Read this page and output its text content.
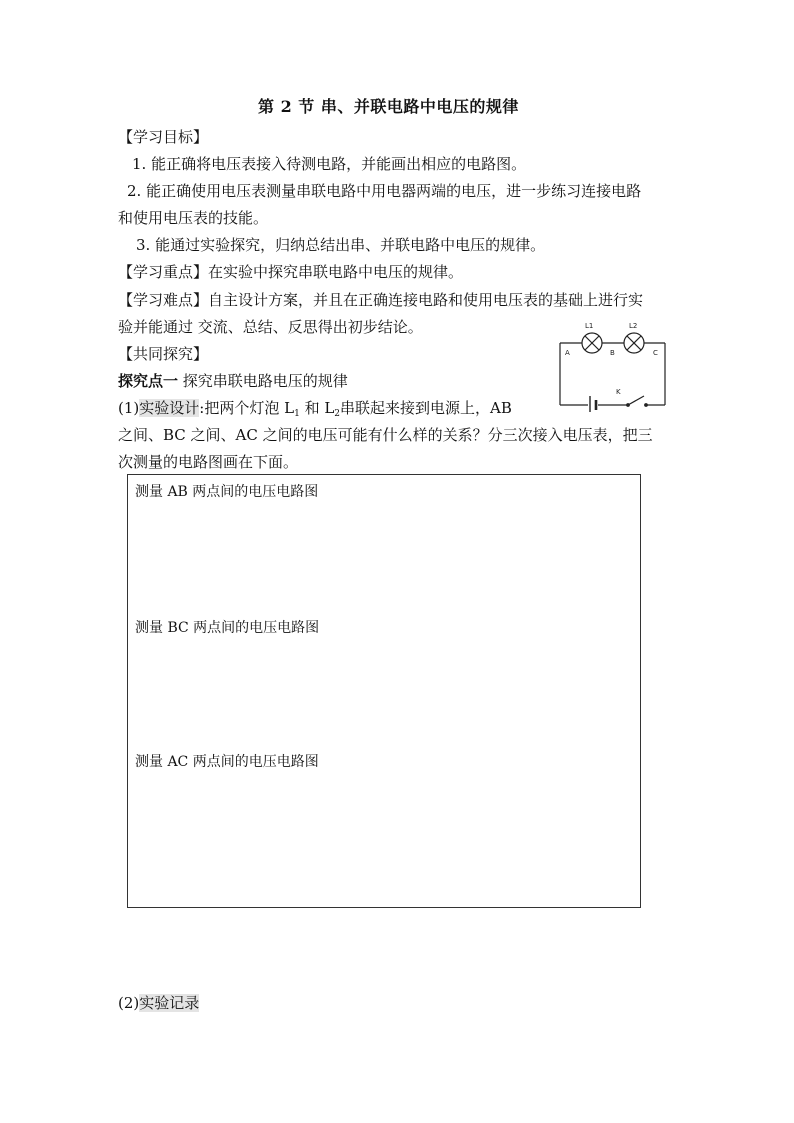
第 2 节 串、并联电路中电压的规律
【学习目标】
1. 能正确将电压表接入待测电路，并能画出相应的电路图。
2. 能正确使用电压表测量串联电路中用电器两端的电压，进一步练习连接电路
和使用电压表的技能。
3. 能通过实验探究，归纳总结出串、并联电路中电压的规律。
【学习重点】在实验中探究串联电路中电压的规律。
【学习难点】自主设计方案，并且在正确连接电路和使用电压表的基础上进行实
验并能通过 交流、总结、反思得出初步结论。
【共同探究】
探究点一 探究串联电路电压的规律
(1)实验设计:把两个灯泡 $L_1$ 和 $L_2$串联起来接到电源上，AB
之间、BC 之间、AC 之间的电压可能有什么样的关系？分三次接入电压表，把三
次测量的电路图画在下面。
测量 AB 两点间的电压电路图
测量 BC 两点间的电压电路图
测量 AC 两点间的电压电路图
(2)实验记录
L1	L2
A	B	C
K
